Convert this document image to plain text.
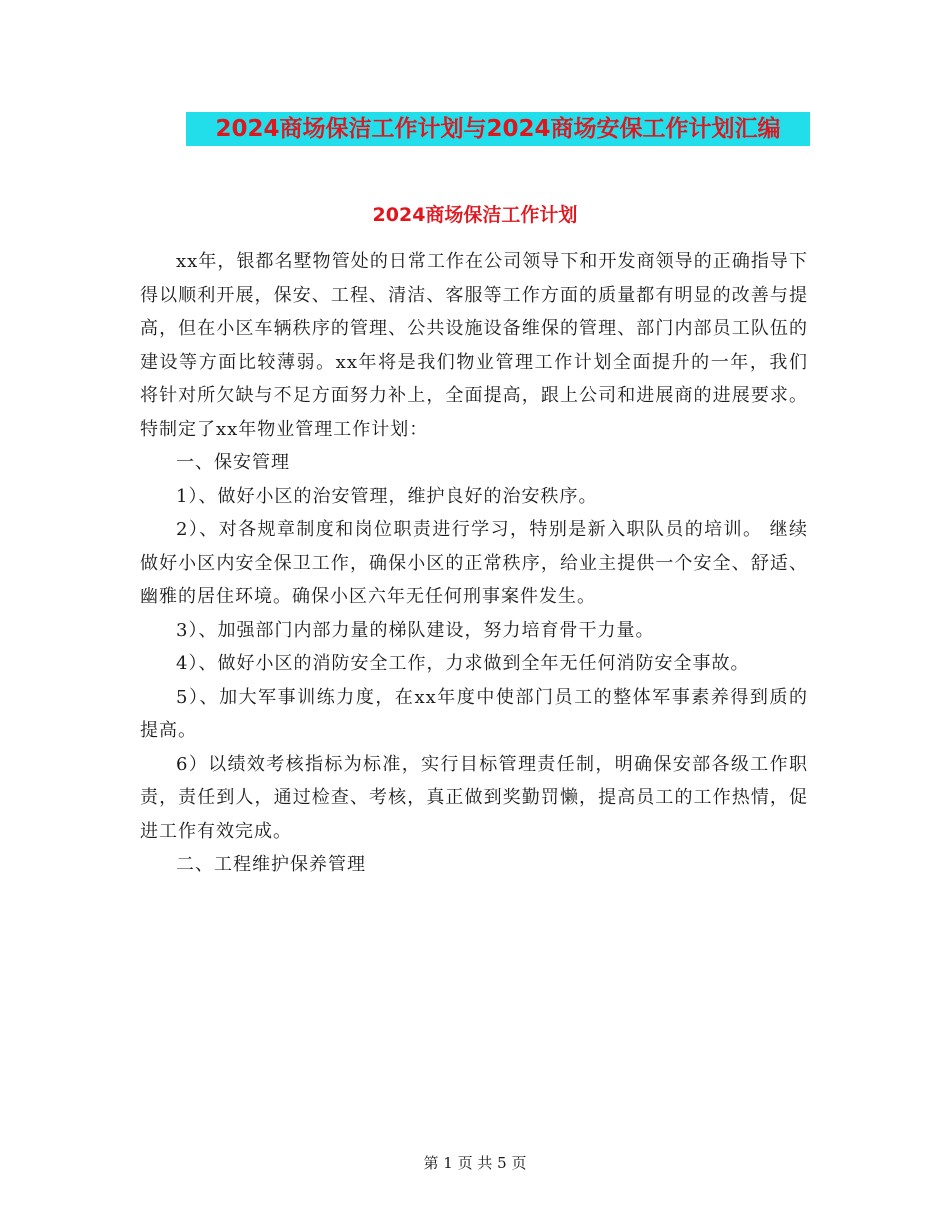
2024商场保洁工作计划与2024商场安保工作计划汇编
2024商场保洁工作计划

xx年，银都名墅物管处的日常工作在公司领导下和开发商领导的正确指导下得以顺利开展，保安、工程、清洁、客服等工作方面的质量都有明显的改善与提高，但在小区车辆秩序的管理、公共设施设备维保的管理、部门内部员工队伍的 建设等方面比较薄弱。xx年将是我们物业管理工作计划全面提升的一年，我们将针对所欠缺与不足方面努力补上，全面提高，跟上公司和进展商的进展要求。特制定了xx年物业管理工作计划：

一、保安管理

1）、做好小区的治安管理，维护良好的治安秩序。

2）、对各规章制度和岗位职责进行学习，特别是新入职队员的培训。 继续做好小区内安全保卫工作，确保小区的正常秩序，给业主提供一个安全、舒适、幽雅的居住环境。确保小区六年无任何刑事案件发生。

3）、加强部门内部力量的梯队建设，努力培育骨干力量。

4）、做好小区的消防安全工作，力求做到全年无任何消防安全事故。

5）、加大军事训练力度，在xx年度中使部门员工的整体军事素养得到质的提高。

6）以绩效考核指标为标准，实行目标管理责任制，明确保安部各级工作职责，责任到人，通过检查、考核，真正做到奖勤罚懒，提高员工的工作热情，促进工作有效完成。

二、工程维护保养管理

第 1 页 共 5 页
